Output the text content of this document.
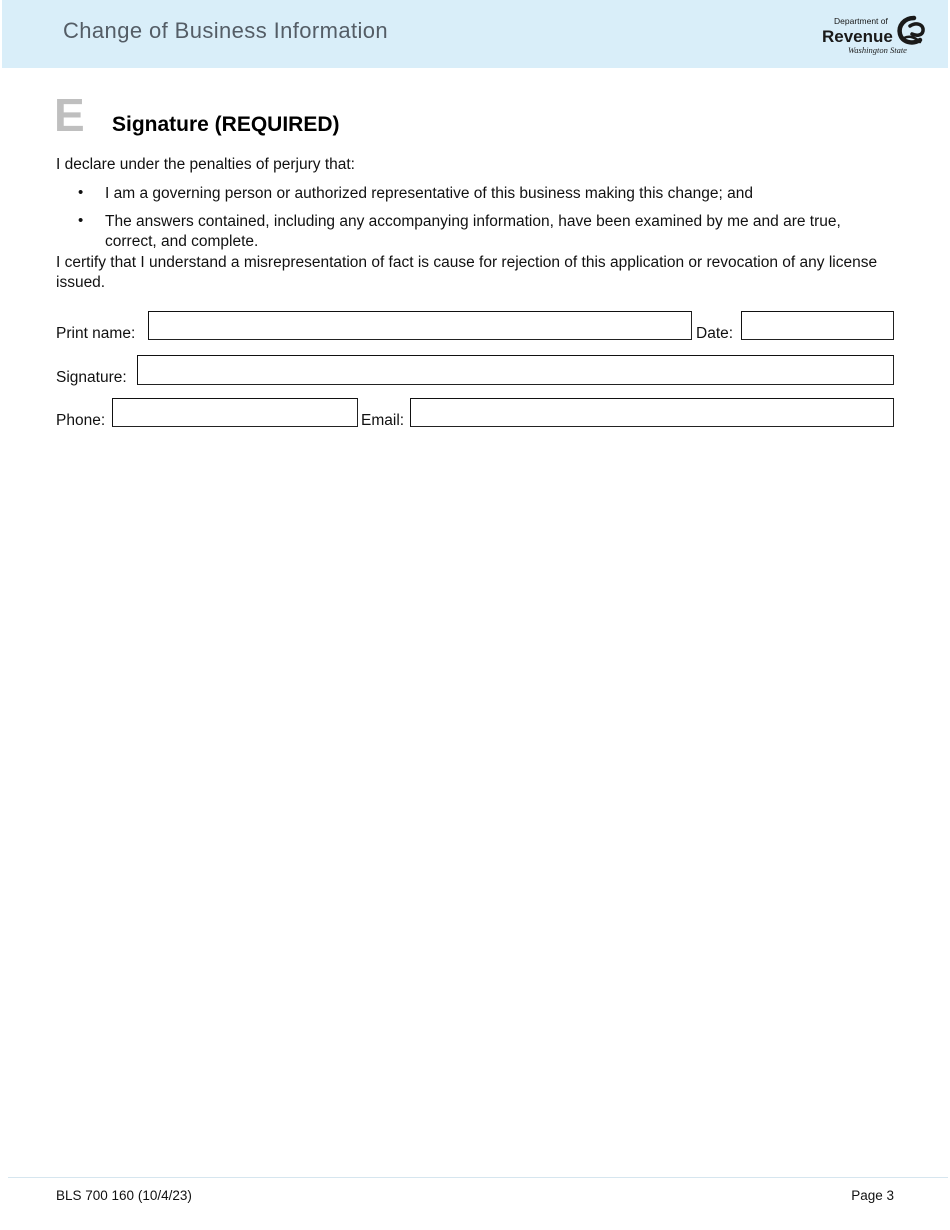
Change of Business Information	Department of
Revenue
Washington State
E Signature (REQUIRED)
I declare under the penalties of perjury that:
• I am a governing person or authorized representative of this business making this change; and
• The answers contained, including any accompanying information, have been examined by me and are true, correct, and complete.
I certify that I understand a misrepresentation of fact is cause for rejection of this application or revocation of any license issued.
Print name:	Date:
Signature:
Phone:	Email:
BLS 700 160 (10/4/23)	Page 3
